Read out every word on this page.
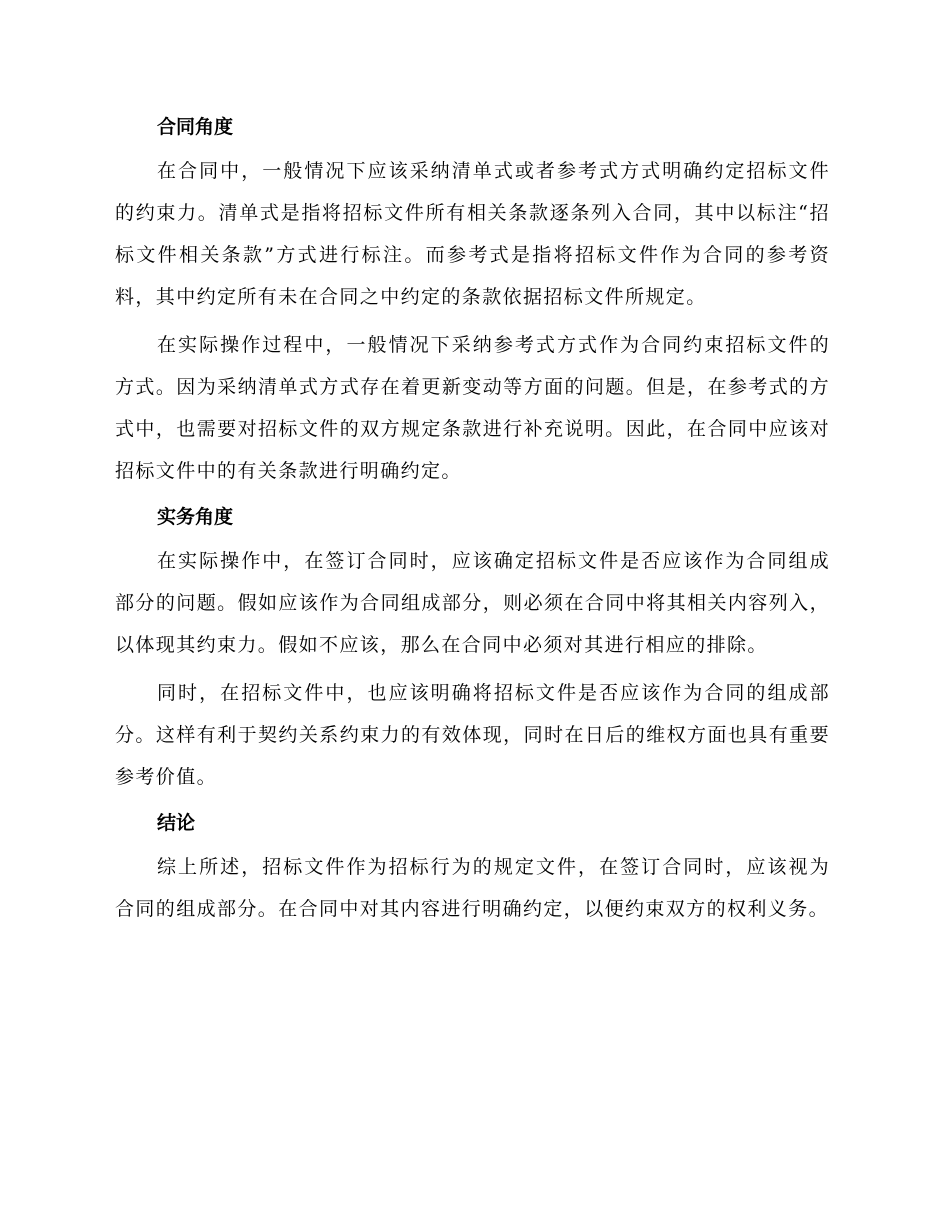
合同角度

在合同中，一般情况下应该采纳清单式或者参考式方式明确约定招标文件的约束力。清单式是指将招标文件所有相关条款逐条列入合同，其中以标注“招标文件相关条款”方式进行标注。而参考式是指将招标文件作为合同的参考资料，其中约定所有未在合同之中约定的条款依据招标文件所规定。

在实际操作过程中，一般情况下采纳参考式方式作为合同约束招标文件的方式。因为采纳清单式方式存在着更新变动等方面的问题。但是，在参考式的方式中，也需要对招标文件的双方规定条款进行补充说明。因此，在合同中应该对招标文件中的有关条款进行明确约定。

实务角度

在实际操作中，在签订合同时，应该确定招标文件是否应该作为合同组成部分的问题。假如应该作为合同组成部分，则必须在合同中将其相关内容列入，以体现其约束力。假如不应该，那么在合同中必须对其进行相应的排除。

同时，在招标文件中，也应该明确将招标文件是否应该作为合同的组成部分。这样有利于契约关系约束力的有效体现，同时在日后的维权方面也具有重要参考价值。

结论

综上所述，招标文件作为招标行为的规定文件，在签订合同时，应该视为合同的组成部分。在合同中对其内容进行明确约定，以便约束双方的权利义务。
